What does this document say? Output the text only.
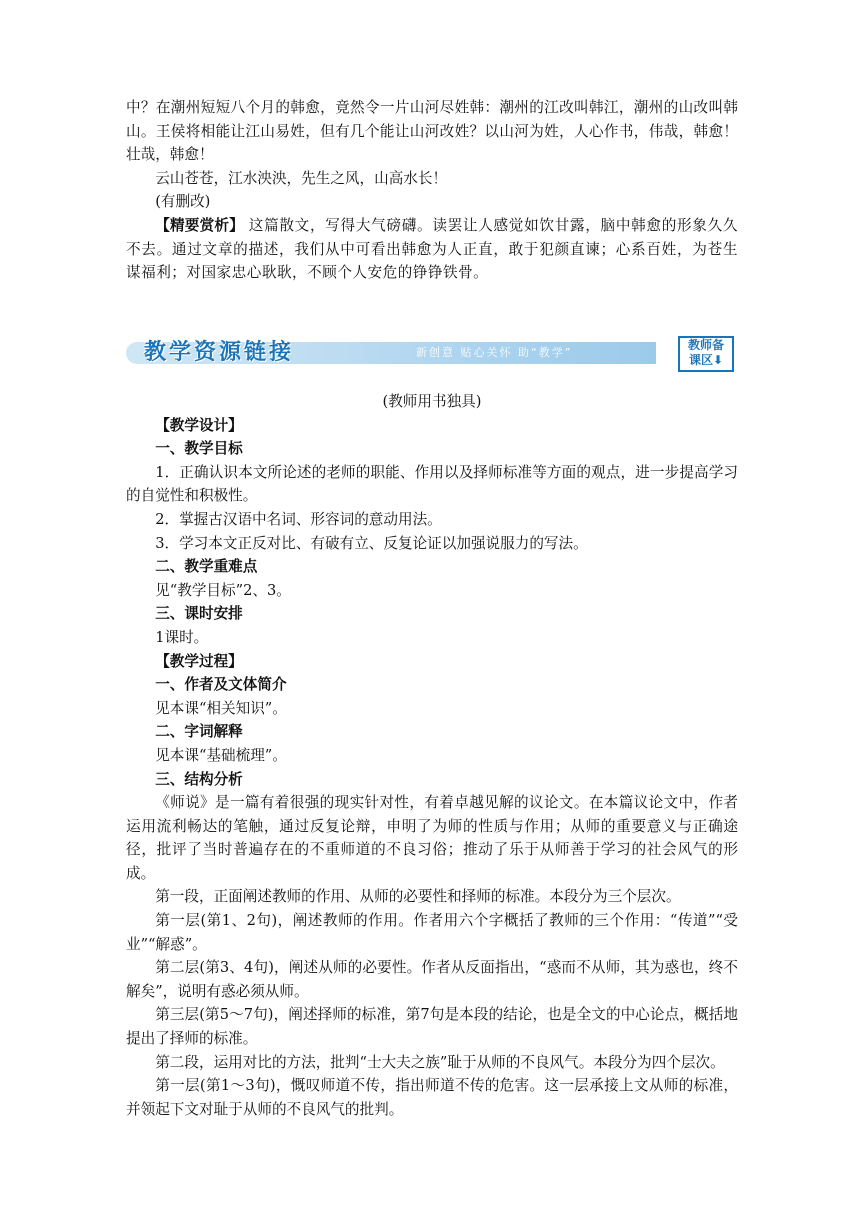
中？在潮州短短八个月的韩愈，竟然令一片山河尽姓韩：潮州的江改叫韩江，潮州的山改叫韩山。王侯将相能让江山易姓，但有几个能让山河改姓？以山河为姓，人心作书，伟哉，韩愈！壮哉，韩愈！

云山苍苍，江水泱泱，先生之风，山高水长！

(有删改)

【精要赏析】 这篇散文，写得大气磅礴。读罢让人感觉如饮甘露，脑中韩愈的形象久久不去。通过文章的描述，我们从中可看出韩愈为人正直，敢于犯颜直谏；心系百姓，为苍生谋福利；对国家忠心耿耿，不顾个人安危的铮铮铁骨。

教学资源链接	新创意 贴心关怀 助“教学”
教师备
课区⬇

(教师用书独具)

【教学设计】

一、教学目标

1．正确认识本文所论述的老师的职能、作用以及择师标准等方面的观点，进一步提高学习的自觉性和积极性。

2．掌握古汉语中名词、形容词的意动用法。

3．学习本文正反对比、有破有立、反复论证以加强说服力的写法。

二、教学重难点

见“教学目标”2、3。

三、课时安排

1课时。

【教学过程】

一、作者及文体简介

见本课“相关知识”。

二、字词解释

见本课“基础梳理”。

三、结构分析

《师说》是一篇有着很强的现实针对性，有着卓越见解的议论文。在本篇议论文中，作者运用流利畅达的笔触，通过反复论辩，申明了为师的性质与作用；从师的重要意义与正确途径，批评了当时普遍存在的不重师道的不良习俗；推动了乐于从师善于学习的社会风气的形成。

第一段，正面阐述教师的作用、从师的必要性和择师的标准。本段分为三个层次。

第一层(第1、2句)，阐述教师的作用。作者用六个字概括了教师的三个作用：“传道”“受业”“解惑”。

第二层(第3、4句)，阐述从师的必要性。作者从反面指出，“惑而不从师，其为惑也，终不解矣”，说明有惑必须从师。

第三层(第5～7句)，阐述择师的标准，第7句是本段的结论，也是全文的中心论点，概括地提出了择师的标准。

第二段，运用对比的方法，批判“士大夫之族”耻于从师的不良风气。本段分为四个层次。

第一层(第1～3句)，慨叹师道不传，指出师道不传的危害。这一层承接上文从师的标准，并领起下文对耻于从师的不良风气的批判。
